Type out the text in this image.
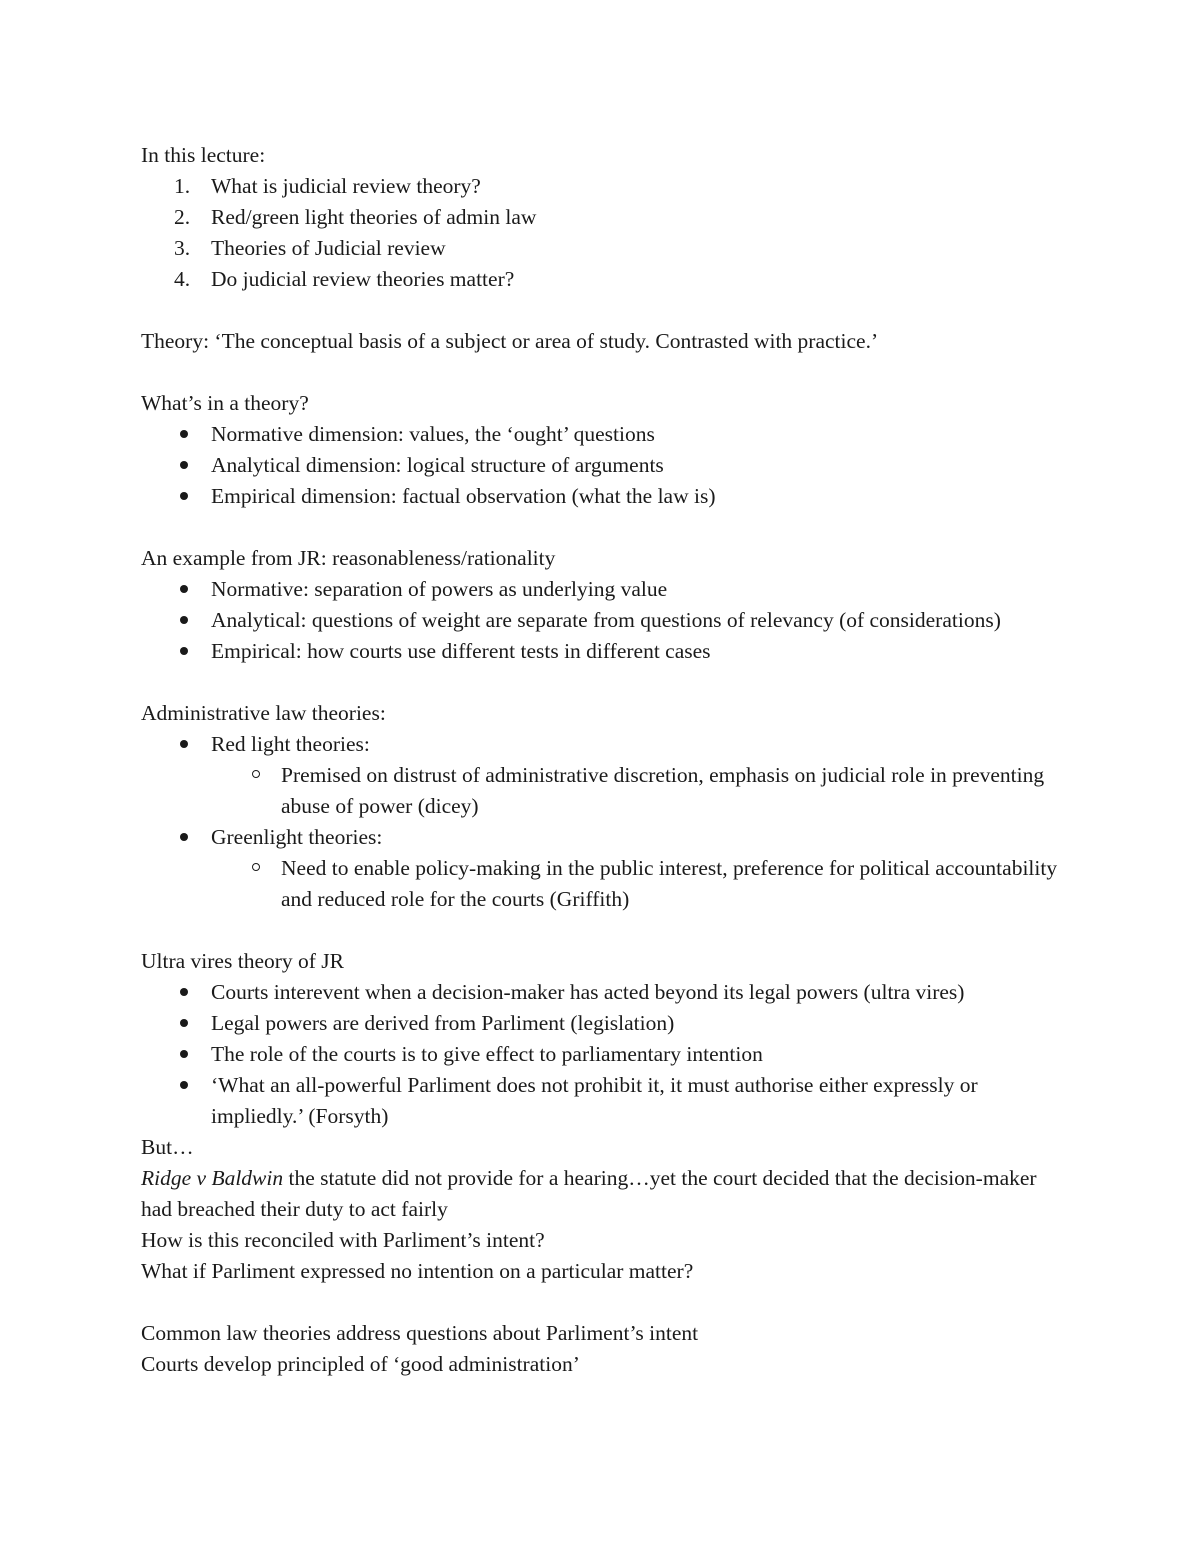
In this lecture:

1. What is judicial review theory?
2. Red/green light theories of admin law
3. Theories of Judicial review
4. Do judicial review theories matter?

Theory: ‘The conceptual basis of a subject or area of study. Contrasted with practice.’

What’s in a theory?

Normative dimension: values, the ‘ought’ questions
Analytical dimension: logical structure of arguments
Empirical dimension: factual observation (what the law is)

An example from JR: reasonableness/rationality

Normative: separation of powers as underlying value
Analytical: questions of weight are separate from questions of relevancy (of considerations)
Empirical: how courts use different tests in different cases

Administrative law theories:

Red light theories:
Premised on distrust of administrative discretion, emphasis on judicial role in preventing abuse of power (dicey)
Greenlight theories:
Need to enable policy-making in the public interest, preference for political accountability and reduced role for the courts (Griffith)

Ultra vires theory of JR

Courts interevent when a decision-maker has acted beyond its legal powers (ultra vires)
Legal powers are derived from Parliment (legislation)
The role of the courts is to give effect to parliamentary intention
‘What an all-powerful Parliment does not prohibit it, it must authorise either expressly or impliedly.’ (Forsyth)

But…

Ridge v Baldwin the statute did not provide for a hearing…yet the court decided that the decision-maker had breached their duty to act fairly

How is this reconciled with Parliment’s intent?

What if Parliment expressed no intention on a particular matter?

Common law theories address questions about Parliment’s intent

Courts develop principled of ‘good administration’
